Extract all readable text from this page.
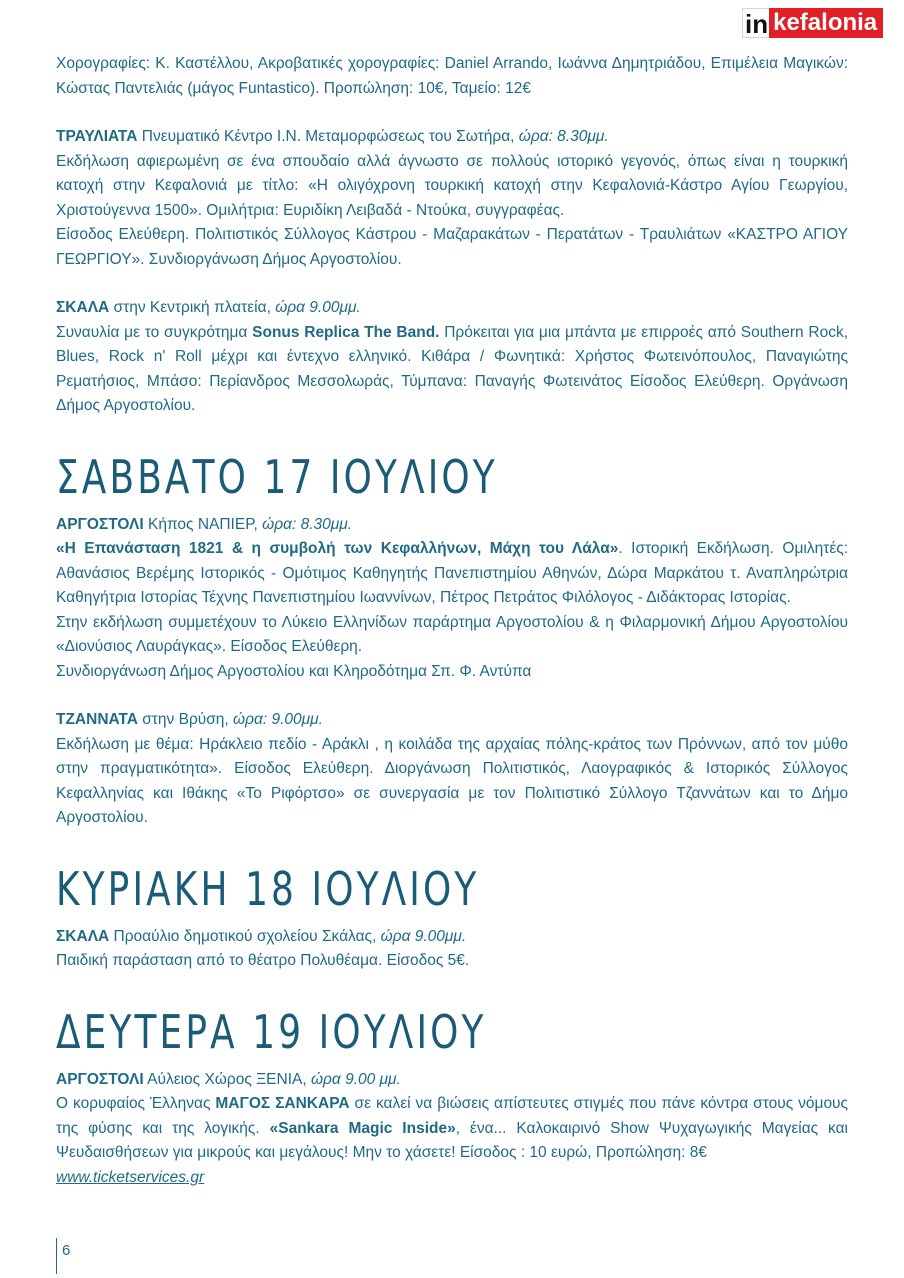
in kefalonia

Χορογραφίες: Κ. Καστέλλου, Ακροβατικές χορογραφίες: Daniel Arrando, Ιωάννα Δημητριάδου, Επιμέλεια Μαγικών: Κώστας Παντελιάς (μάγος Funtastico). Προπώληση: 10€, Ταμείο: 12€

ΤΡΑΥΛΙΑΤΑ Πνευματικό Κέντρο Ι.Ν. Μεταμορφώσεως του Σωτήρα, ώρα: 8.30μμ.

Εκδήλωση αφιερωμένη σε ένα σπουδαίο αλλά άγνωστο σε πολλούς ιστορικό γεγονός, όπως είναι η τουρκική κατοχή στην Κεφαλονιά με τίτλο: «Η ολιγόχρονη τουρκική κατοχή στην Κεφαλονιά-Κάστρο Αγίου Γεωργίου, Χριστούγεννα 1500». Ομιλήτρια: Ευριδίκη Λειβαδά - Ντούκα, συγγραφέας.

Είσοδος Ελεύθερη. Πολιτιστικός Σύλλογος Κάστρου - Μαζαρακάτων - Περατάτων - Τραυλιάτων «ΚΑΣΤΡΟ ΑΓΙΟΥ ΓΕΩΡΓΙΟΥ». Συνδιοργάνωση Δήμος Αργοστολίου.

ΣΚΑΛΑ στην Κεντρική πλατεία, ώρα 9.00μμ.

Συναυλία με το συγκρότημα Sonus Replica The Band. Πρόκειται για μια μπάντα με επιρροές από Southern Rock, Blues, Rock n' Roll μέχρι και έντεχνο ελληνικό. Κιθάρα / Φωνητικά: Χρήστος Φωτεινόπουλος, Παναγιώτης Ρεματήσιος, Μπάσο: Περίανδρος Μεσσολωράς, Τύμπανα: Παναγής Φωτεινάτος Είσοδος Ελεύθερη. Οργάνωση Δήμος Αργοστολίου.

ΣΑΒΒΑΤΟ 17 ΙΟΥΛΙΟΥ

ΑΡΓΟΣΤΟΛΙ Κήπος ΝΑΠΙΕΡ, ώρα: 8.30μμ.

«Η Επανάσταση 1821 & η συμβολή των Κεφαλλήνων, Μάχη του Λάλα». Ιστορική Εκδήλωση. Ομιλητές: Αθανάσιος Βερέμης Ιστορικός - Ομότιμος Καθηγητής Πανεπιστημίου Αθηνών, Δώρα Μαρκάτου τ. Αναπληρώτρια Καθηγήτρια Ιστορίας Τέχνης Πανεπιστημίου Ιωαννίνων, Πέτρος Πετράτος Φιλόλογος - Διδάκτορας Ιστορίας.

Στην εκδήλωση συμμετέχουν το Λύκειο Ελληνίδων παράρτημα Αργοστολίου & η Φιλαρμονική Δήμου Αργοστολίου «Διονύσιος Λαυράγκας». Είσοδος Ελεύθερη.

Συνδιοργάνωση Δήμος Αργοστολίου και Κληροδότημα Σπ. Φ. Αντύπα

ΤΖΑΝΝΑΤΑ στην Βρύση, ώρα: 9.00μμ.

Εκδήλωση με θέμα: Ηράκλειο πεδίο - Αράκλι , η κοιλάδα της αρχαίας πόλης-κράτος των Πρόννων, από τον μύθο στην πραγματικότητα». Είσοδος Ελεύθερη. Διοργάνωση Πολιτιστικός, Λαογραφικός & Ιστορικός Σύλλογος Κεφαλληνίας και Ιθάκης «Το Ριφόρτσο» σε συνεργασία με τον Πολιτιστικό Σύλλογο Τζαννάτων και το Δήμο Αργοστολίου.

ΚΥΡΙΑΚΗ 18 ΙΟΥΛΙΟΥ

ΣΚΑΛΑ Προαύλιο δημοτικού σχολείου Σκάλας, ώρα 9.00μμ.

Παιδική παράσταση από το θέατρο Πολυθέαμα. Είσοδος 5€.

ΔΕΥΤΕΡΑ 19 ΙΟΥΛΙΟΥ

ΑΡΓΟΣΤΟΛΙ Αύλειος Χώρος ΞΕΝΙΑ, ώρα 9.00 μμ.

Ο κορυφαίος Έλληνας ΜΑΓΟΣ ΣΑΝΚΑΡΑ σε καλεί να βιώσεις απίστευτες στιγμές που πάνε κόντρα στους νόμους της φύσης και της λογικής. «Sankara Magic Inside», ένα... Καλοκαιρινό Show Ψυχαγωγικής Μαγείας και Ψευδαισθήσεων για μικρούς και μεγάλους! Μην το χάσετε! Είσοδος : 10 ευρώ, Προπώληση: 8€

www.ticketservices.gr

6
